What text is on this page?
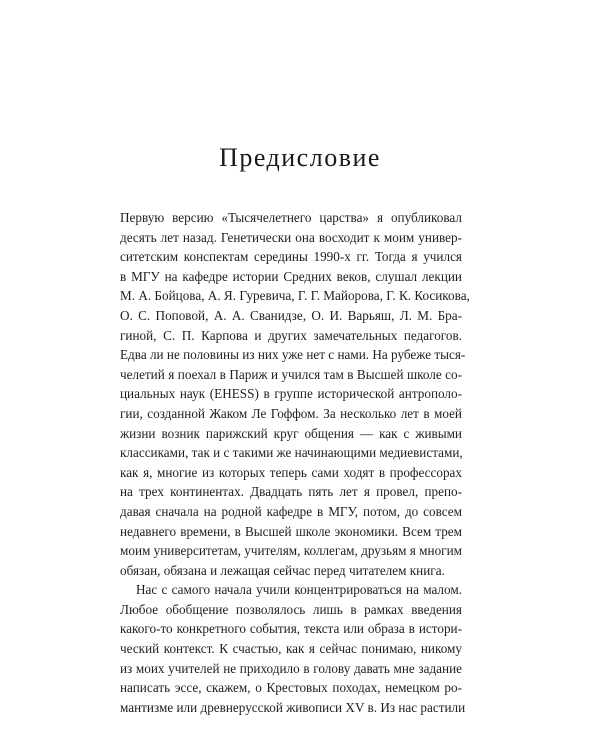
Предисловие
Первую версию «Тысячелетнего царства» я опубликовал
десять лет назад. Генетически она восходит к моим универ-
ситетским конспектам середины 1990-х гг. Тогда я учился
в МГУ на кафедре истории Средних веков, слушал лекции
М. А. Бойцова, А. Я. Гуревича, Г. Г. Майорова, Г. К. Косикова,
О. С. Поповой, А. А. Сванидзе, О. И. Варьяш, Л. М. Бра-
гиной, С. П. Карпова и других замечательных педагогов.
Едва ли не половины из них уже нет с нами. На рубеже тыся-
челетий я поехал в Париж и учился там в Высшей школе со-
циальных наук (EHESS) в группе исторической антрополо-
гии, созданной Жаком Ле Гоффом. За несколько лет в моей
жизни возник парижский круг общения — как с живыми
классиками, так и с такими же начинающими медиевистами,
как я, многие из которых теперь сами ходят в профессорах
на трех континентах. Двадцать пять лет я провел, препо-
давая сначала на родной кафедре в МГУ, потом, до совсем
недавнего времени, в Высшей школе экономики. Всем трем
моим университетам, учителям, коллегам, друзьям я многим
обязан, обязана и лежащая сейчас перед читателем книга.
Нас с самого начала учили концентрироваться на малом.
Любое обобщение позволялось лишь в рамках введения
какого-то конкретного события, текста или образа в истори-
ческий контекст. К счастью, как я сейчас понимаю, никому
из моих учителей не приходило в голову давать мне задание
написать эссе, скажем, о Крестовых походах, немецком ро-
мантизме или древнерусской живописи XV в. Из нас растили
